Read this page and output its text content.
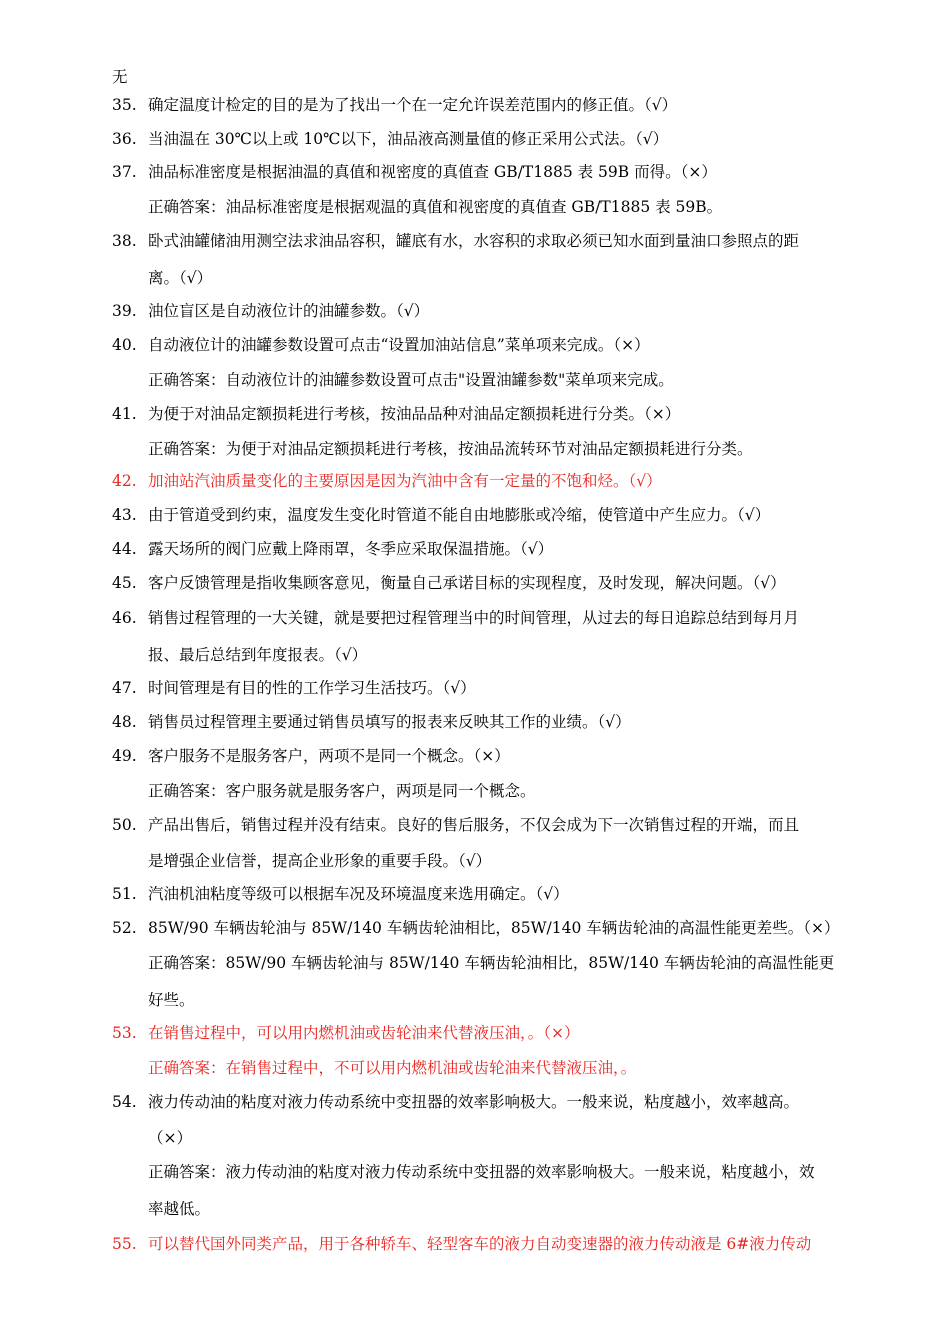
无
35. 确定温度计检定的目的是为了找出一个在一定允许误差范围内的修正值。（√）
36. 当油温在 30℃以上或 10℃以下，油品液高测量值的修正采用公式法。（√）
37. 油品标准密度是根据油温的真值和视密度的真值查 GB/T1885 表 59B 而得。（×）
正确答案：油品标准密度是根据观温的真值和视密度的真值查 GB/T1885 表 59B。
38. 卧式油罐储油用测空法求油品容积，罐底有水，水容积的求取必须已知水面到量油口参照点的距
离。（√）
39. 油位盲区是自动液位计的油罐参数。（√）
40. 自动液位计的油罐参数设置可点击“设置加油站信息”菜单项来完成。（×）
正确答案：自动液位计的油罐参数设置可点击"设置油罐参数"菜单项来完成。
41. 为便于对油品定额损耗进行考核，按油品品种对油品定额损耗进行分类。（×）
正确答案：为便于对油品定额损耗进行考核，按油品流转环节对油品定额损耗进行分类。
42. 加油站汽油质量变化的主要原因是因为汽油中含有一定量的不饱和烃。（√）
43. 由于管道受到约束，温度发生变化时管道不能自由地膨胀或冷缩，使管道中产生应力。（√）
44. 露天场所的阀门应戴上降雨罩，冬季应采取保温措施。（√）
45. 客户反馈管理是指收集顾客意见，衡量自己承诺目标的实现程度，及时发现，解决问题。（√）
46. 销售过程管理的一大关键，就是要把过程管理当中的时间管理，从过去的每日追踪总结到每月月
报、最后总结到年度报表。（√）
47. 时间管理是有目的性的工作学习生活技巧。（√）
48. 销售员过程管理主要通过销售员填写的报表来反映其工作的业绩。（√）
49. 客户服务不是服务客户，两项不是同一个概念。（×）
正确答案：客户服务就是服务客户，两项是同一个概念。
50. 产品出售后，销售过程并没有结束。良好的售后服务，不仅会成为下一次销售过程的开端，而且
是增强企业信誉，提高企业形象的重要手段。（√）
51. 汽油机油粘度等级可以根据车况及环境温度来选用确定。（√）
52. 85W/90 车辆齿轮油与 85W/140 车辆齿轮油相比，85W/140 车辆齿轮油的高温性能更差些。（×）
正确答案：85W/90 车辆齿轮油与 85W/140 车辆齿轮油相比，85W/140 车辆齿轮油的高温性能更
好些。
53. 在销售过程中，可以用内燃机油或齿轮油来代替液压油，。（×）
正确答案：在销售过程中，不可以用内燃机油或齿轮油来代替液压油，。
54. 液力传动油的粘度对液力传动系统中变扭器的效率影响极大。一般来说，粘度越小，效率越高。
（×）
正确答案：液力传动油的粘度对液力传动系统中变扭器的效率影响极大。一般来说，粘度越小，效
率越低。
55. 可以替代国外同类产品，用于各种轿车、轻型客车的液力自动变速器的液力传动液是 6#液力传动
